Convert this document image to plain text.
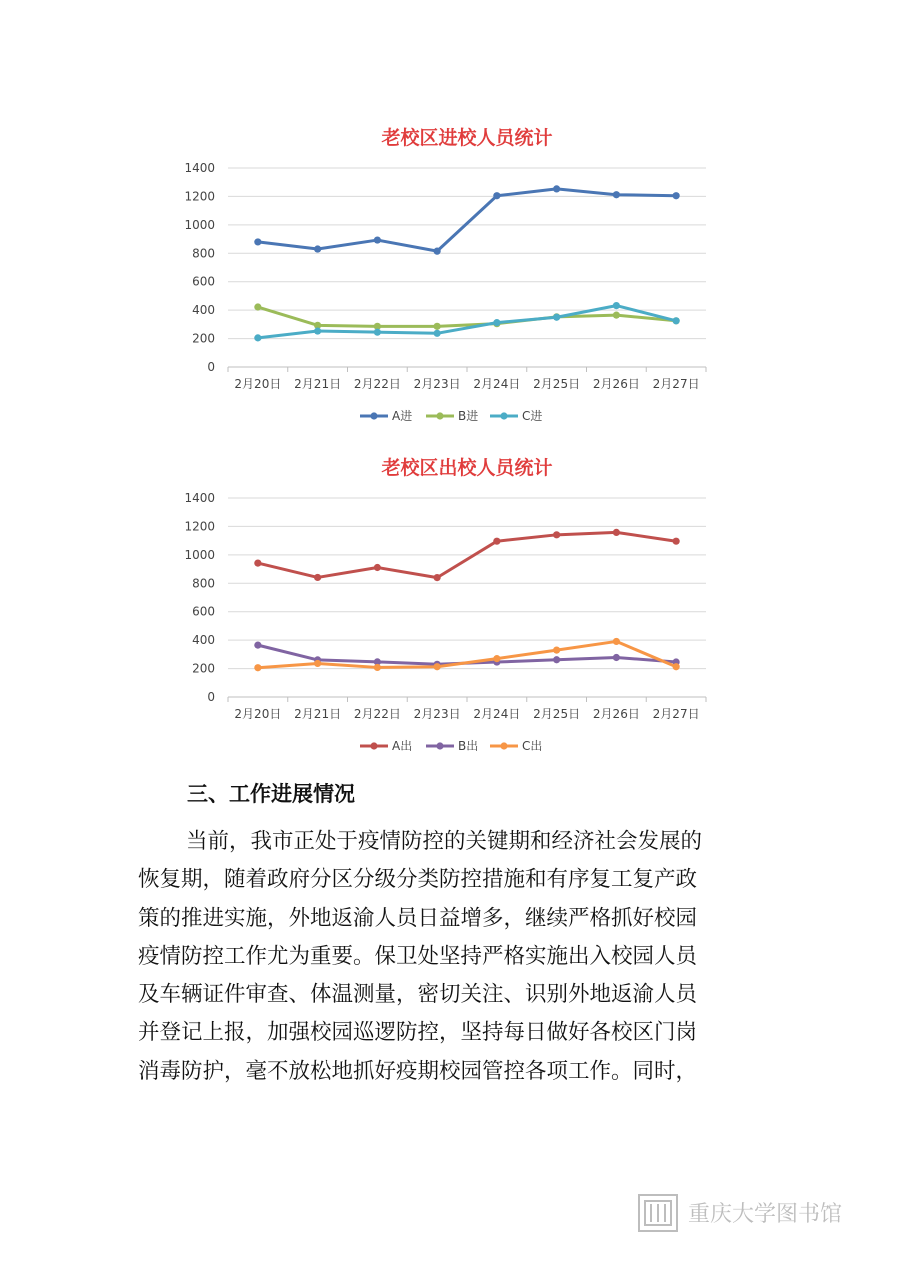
老校区进校人员统计
0
200
400
600
800
1000
1200
1400
2月20日 2月21日 2月22日 2月23日 2月24日 2月25日 2月26日 2月27日
A进	B进	C进
老校区出校人员统计
0
200
400
600
800
1000
1200
1400
2月20日 2月21日 2月22日 2月23日 2月24日 2月25日 2月26日 2月27日
A出	B出	C出
三、工作进展情况

当前，我市正处于疫情防控的关键期和经济社会发展的
恢复期，随着政府分区分级分类防控措施和有序复工复产政
策的推进实施，外地返渝人员日益增多，继续严格抓好校园
疫情防控工作尤为重要。保卫处坚持严格实施出入校园人员
及车辆证件审查、体温测量，密切关注、识别外地返渝人员
并登记上报，加强校园巡逻防控，坚持每日做好各校区门岗
消毒防护，毫不放松地抓好疫期校园管控各项工作。同时，

重庆大学图书馆
